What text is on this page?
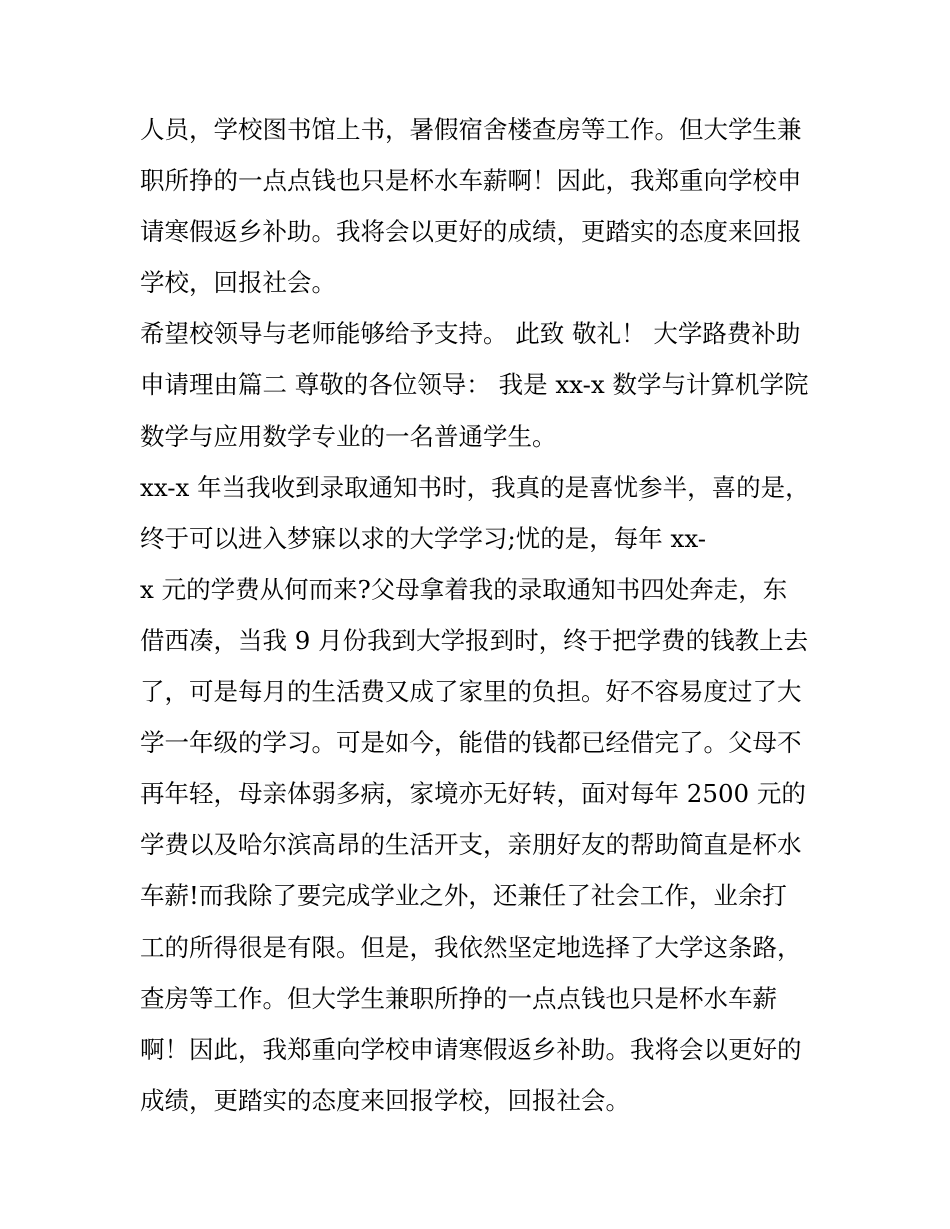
人员，学校图书馆上书，暑假宿舍楼查房等工作。但大学生兼
职所挣的一点点钱也只是杯水车薪啊！因此，我郑重向学校申
请寒假返乡补助。我将会以更好的成绩，更踏实的态度来回报
学校，回报社会。
希望校领导与老师能够给予支持。 此致 敬礼！ 大学路费补助
申请理由篇二 尊敬的各位领导： 我是 xx-x 数学与计算机学院
数学与应用数学专业的一名普通学生。
xx-x 年当我收到录取通知书时，我真的是喜忧参半，喜的是，
终于可以进入梦寐以求的大学学习;忧的是，每年 xx-
x 元的学费从何而来?父母拿着我的录取通知书四处奔走，东
借西凑，当我 9 月份我到大学报到时，终于把学费的钱教上去
了，可是每月的生活费又成了家里的负担。好不容易度过了大
学一年级的学习。可是如今，能借的钱都已经借完了。父母不
再年轻，母亲体弱多病，家境亦无好转，面对每年 2500 元的
学费以及哈尔滨高昂的生活开支，亲朋好友的帮助简直是杯水
车薪!而我除了要完成学业之外，还兼任了社会工作，业余打
工的所得很是有限。但是，我依然坚定地选择了大学这条路，
查房等工作。但大学生兼职所挣的一点点钱也只是杯水车薪
啊！因此，我郑重向学校申请寒假返乡补助。我将会以更好的
成绩，更踏实的态度来回报学校，回报社会。
